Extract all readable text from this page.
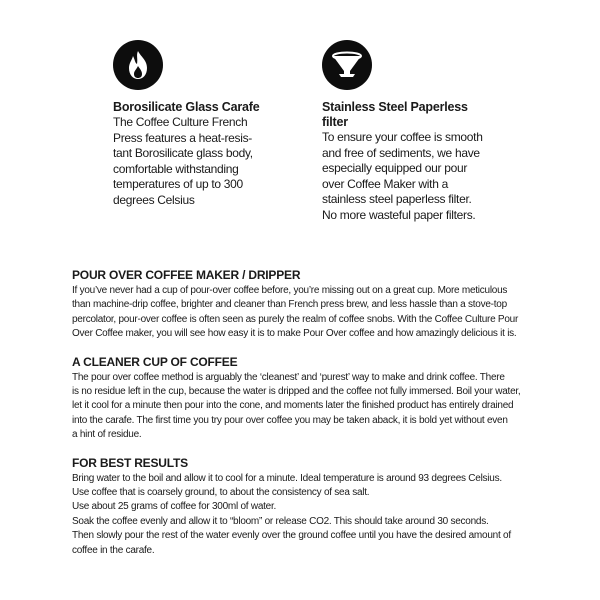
Borosilicate Glass Carafe

The Coffee Culture French
Press features a heat-resis-
tant Borosilicate glass body,
comfortable withstanding
temperatures of up to 300
degrees Celsius

Stainless Steel Paperless
filter

To ensure your coffee is smooth
and free of sediments, we have
especially equipped our pour
over Coffee Maker with a
stainless steel paperless filter.
No more wasteful paper filters.

POUR OVER COFFEE MAKER / DRIPPER

If you’ve never had a cup of pour-over coffee before, you’re missing out on a great cup. More meticulous
than machine-drip coffee, brighter and cleaner than French press brew, and less hassle than a stove-top
percolator, pour-over coffee is often seen as purely the realm of coffee snobs. With the Coffee Culture Pour
Over Coffee maker, you will see how easy it is to make Pour Over coffee and how amazingly delicious it is.

A CLEANER CUP OF COFFEE

The pour over coffee method is arguably the ‘cleanest’ and ‘purest’ way to make and drink coffee. There
is no residue left in the cup, because the water is dripped and the coffee not fully immersed. Boil your water,
let it cool for a minute then pour into the cone, and moments later the finished product has entirely drained
into the carafe. The first time you try pour over coffee you may be taken aback, it is bold yet without even
a hint of residue.

FOR BEST RESULTS

Bring water to the boil and allow it to cool for a minute. Ideal temperature is around 93 degrees Celsius.
Use coffee that is coarsely ground, to about the consistency of sea salt.
Use about 25 grams of coffee for 300ml of water.
Soak the coffee evenly and allow it to “bloom” or release CO2. This should take around 30 seconds.
Then slowly pour the rest of the water evenly over the ground coffee until you have the desired amount of
coffee in the carafe.
